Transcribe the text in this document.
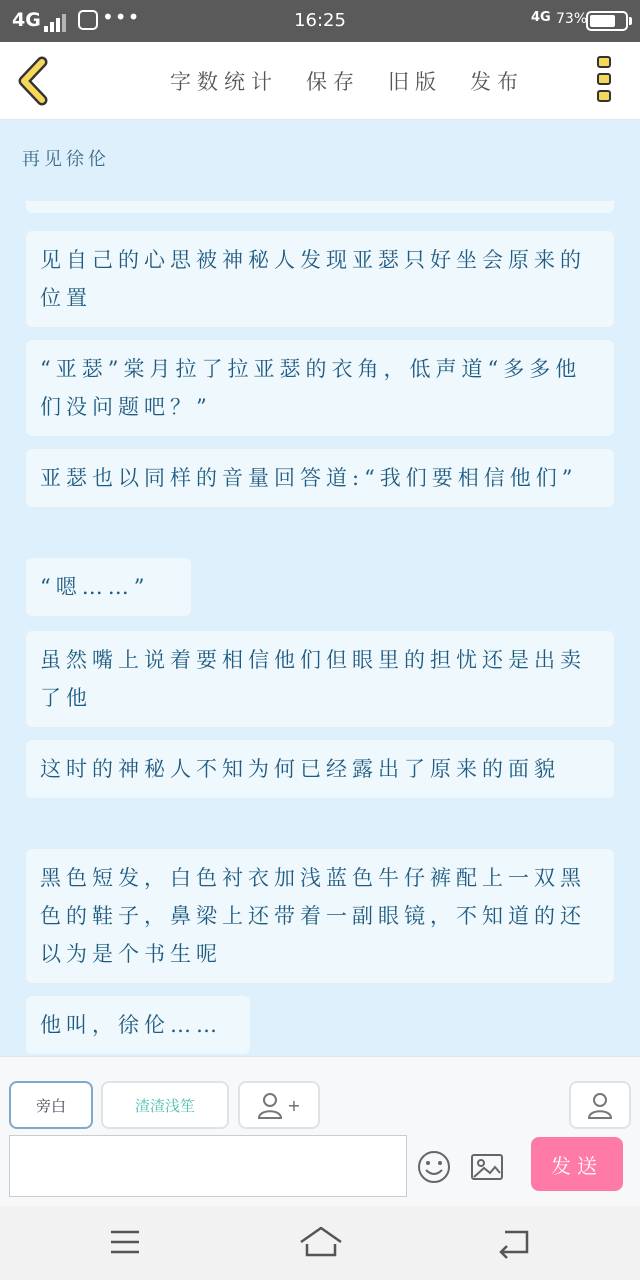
4G	•••	16:25	4G 73%
字数统计 保存 旧版 发布
再见徐伦
见自己的心思被神秘人发现亚瑟只好坐会原来的位置
“亚瑟”棠月拉了拉亚瑟的衣角，低声道“多多他们没问题吧？”
亚瑟也以同样的音量回答道:“我们要相信他们”
“嗯……”
虽然嘴上说着要相信他们但眼里的担忧还是出卖了他
这时的神秘人不知为何已经露出了原来的面貌
黑色短发，白色衬衣加浅蓝色牛仔裤配上一双黑色的鞋子，鼻梁上还带着一副眼镜，不知道的还以为是个书生呢
他叫，徐伦……
旁白	渣渣浅笙	+
发送
